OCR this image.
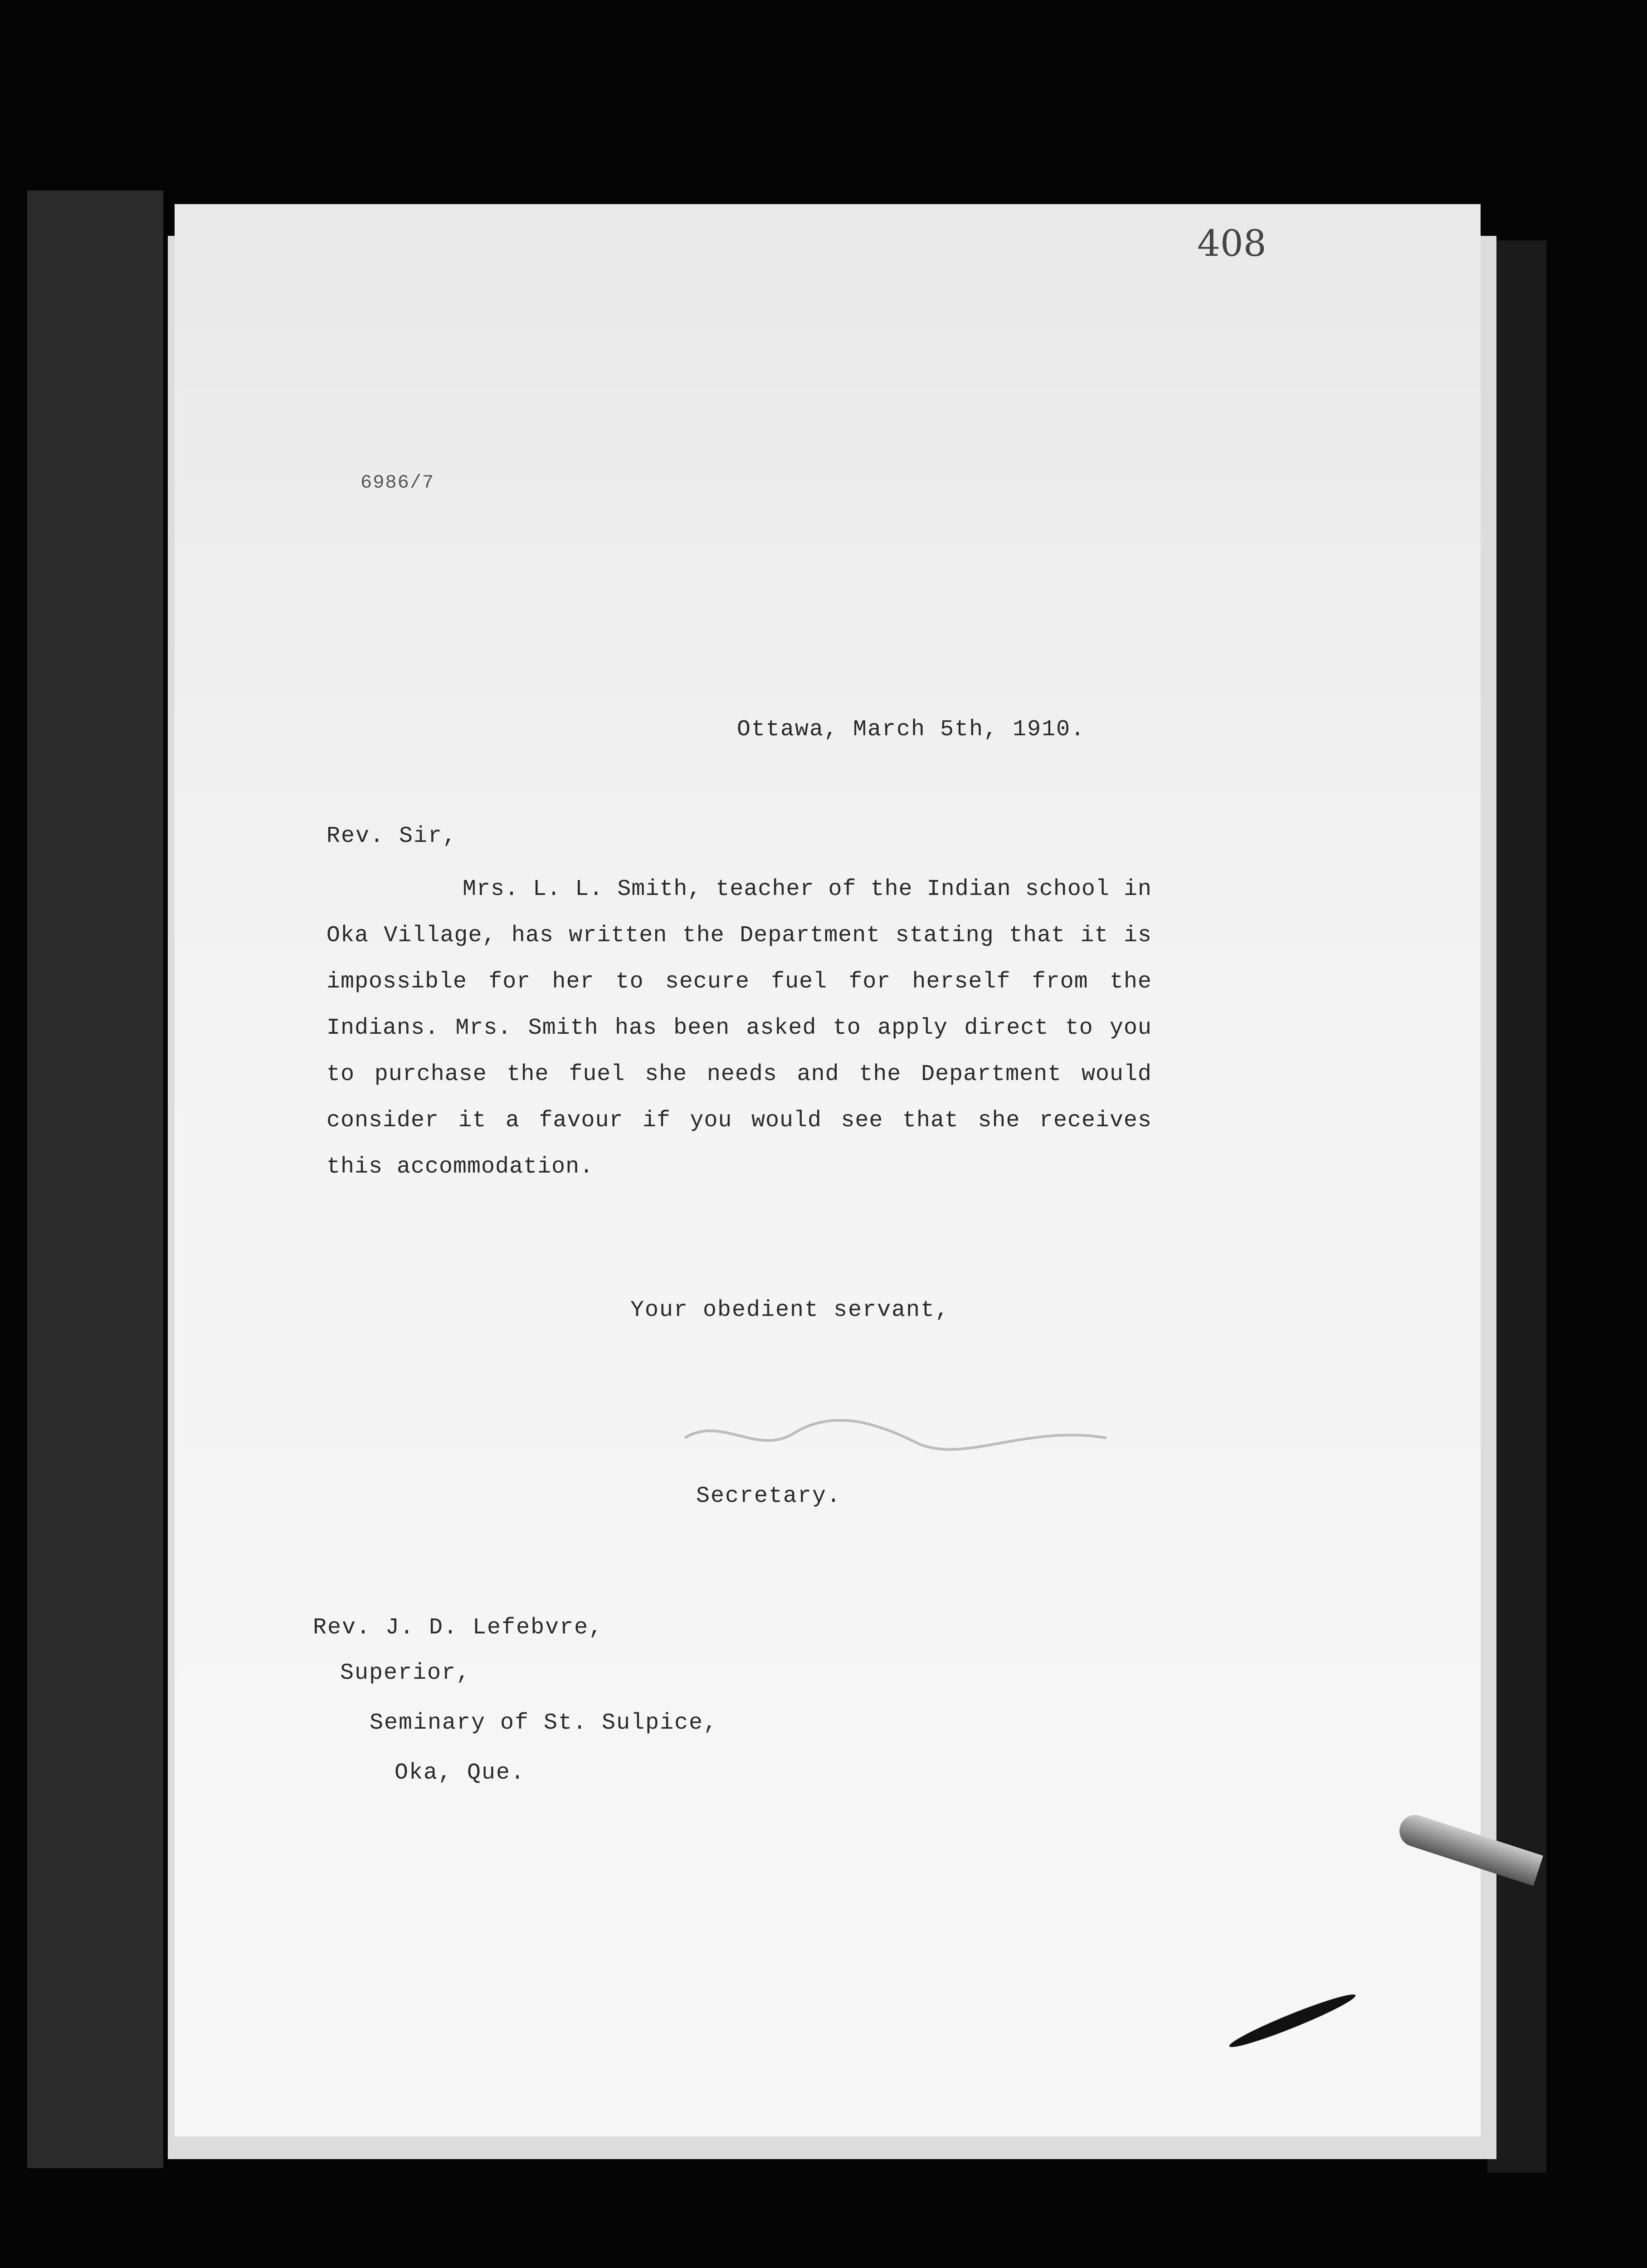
408
6986/7
Ottawa, March 5th, 1910.
Rev. Sir,

Mrs. L. L. Smith, teacher of the Indian school in Oka Village, has written the Department stating that it is impossible for her to secure fuel for herself from the Indians. Mrs. Smith has been asked to apply direct to you to purchase the fuel she needs and the Department would consider it a favour if you would see that she receives this accommodation.

Your obedient servant,
Secretary.
Rev. J. D. Lefebvre,
Superior,
Seminary of St. Sulpice,
Oka, Que.
